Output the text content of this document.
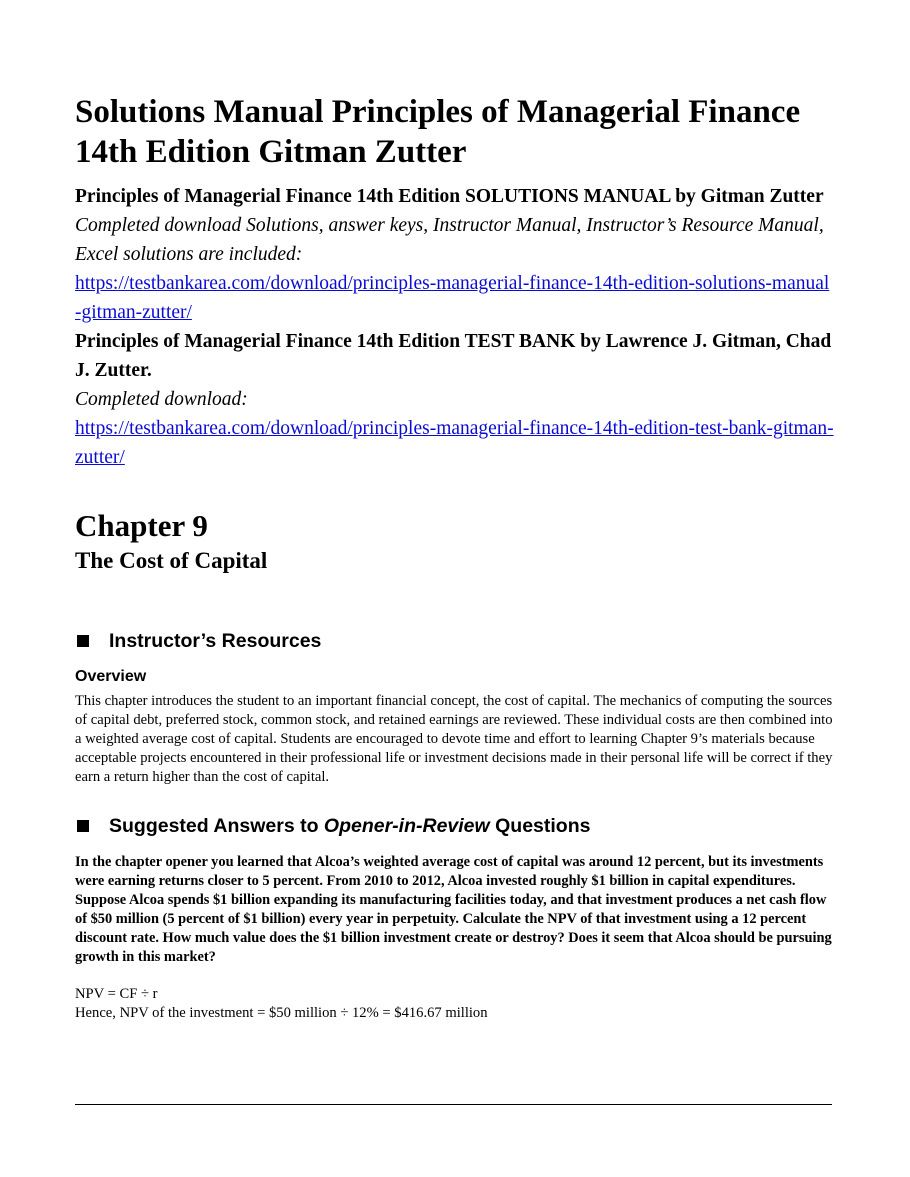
Solutions Manual Principles of Managerial Finance
14th Edition Gitman Zutter

Principles of Managerial Finance 14th Edition SOLUTIONS MANUAL by Gitman Zutter

Completed download Solutions, answer keys, Instructor Manual, Instructor’s Resource Manual, Excel solutions are included:

https://testbankarea.com/download/principles-managerial-finance-14th-edition-solutions-manual-gitman-zutter/

Principles of Managerial Finance 14th Edition TEST BANK by Lawrence J. Gitman, Chad J. Zutter.

Completed download:

https://testbankarea.com/download/principles-managerial-finance-14th-edition-test-bank-gitman-zutter/

Chapter 9
The Cost of Capital
Instructor’s Resources

Overview

This chapter introduces the student to an important financial concept, the cost of capital. The mechanics of computing the sources of capital debt, preferred stock, common stock, and retained earnings are reviewed. These individual costs are then combined into a weighted average cost of capital. Students are encouraged to devote time and effort to learning Chapter 9’s materials because acceptable projects encountered in their professional life or investment decisions made in their personal life will be correct if they earn a return higher than the cost of capital.

Suggested Answers to Opener-in-Review Questions

In the chapter opener you learned that Alcoa’s weighted average cost of capital was around 12 percent, but its investments were earning returns closer to 5 percent. From 2010 to 2012, Alcoa invested roughly $1 billion in capital expenditures. Suppose Alcoa spends $1 billion expanding its manufacturing facilities today, and that investment produces a net cash flow of $50 million (5 percent of $1 billion) every year in perpetuity. Calculate the NPV of that investment using a 12 percent discount rate. How much value does the $1 billion investment create or destroy? Does it seem that Alcoa should be pursuing growth in this market?

NPV = CF ÷ r

Hence, NPV of the investment = $50 million ÷ 12% = $416.67 million
